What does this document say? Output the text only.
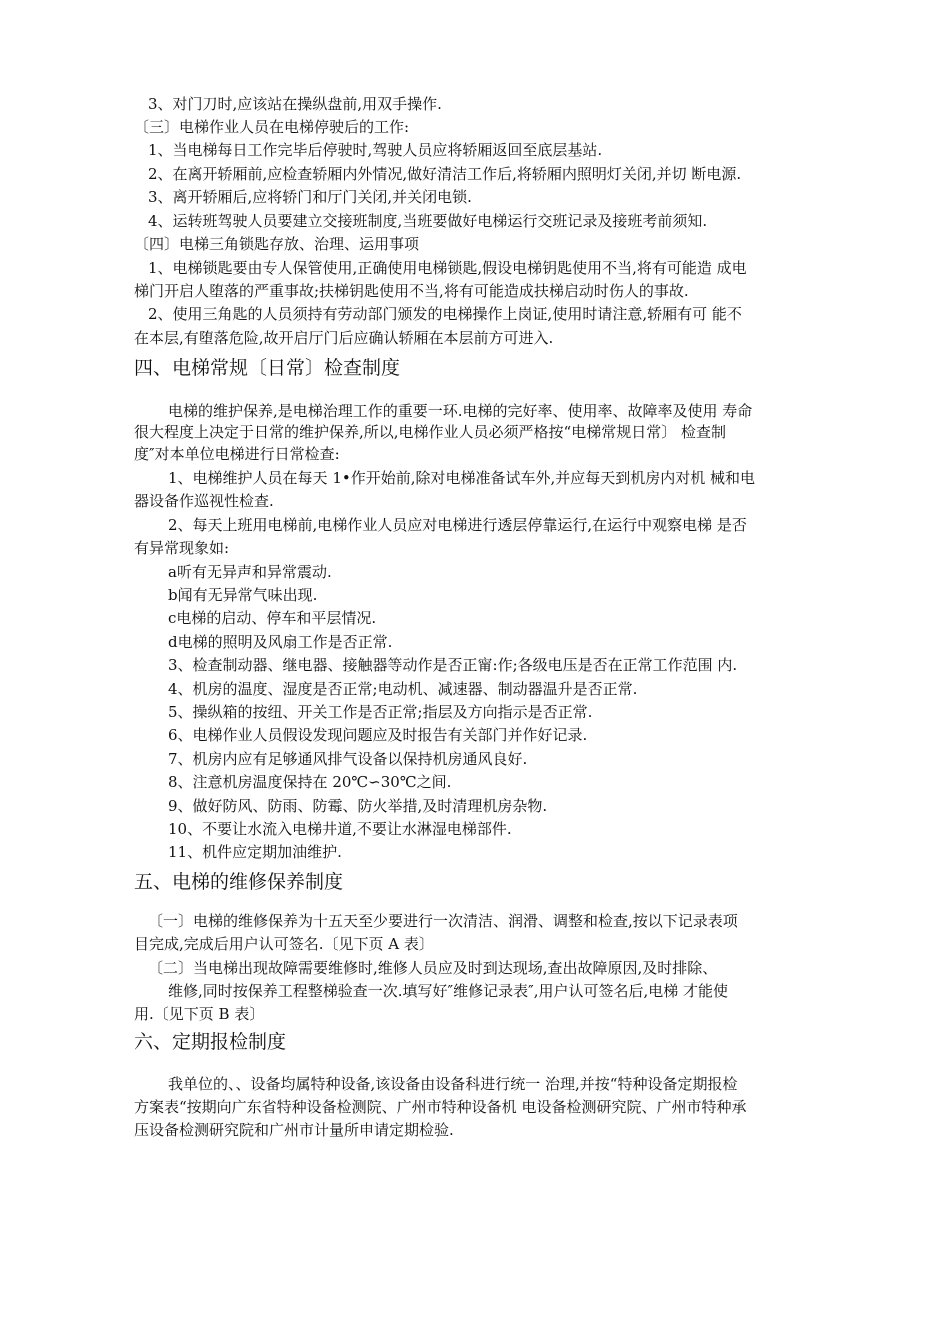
3、对门刀时,应该站在操纵盘前,用双手操作.
〔三〕电梯作业人员在电梯停驶后的工作:
1、当电梯每日工作完毕后停驶时,驾驶人员应将轿厢返回至底层基站.
2、在离开轿厢前,应检查轿厢内外情况,做好清洁工作后,将轿厢内照明灯关闭,并切 断电源.
3、离开轿厢后,应将轿门和厅门关闭,并关闭电锁.
4、运转班驾驶人员要建立交接班制度,当班要做好电梯运行交班记录及接班考前须知.
〔四〕电梯三角锁匙存放、治理、运用事项
1、电梯锁匙要由专人保管使用,正确使用电梯锁匙,假设电梯钥匙使用不当,将有可能造 成电
梯门开启人堕落的严重事故;扶梯钥匙使用不当,将有可能造成扶梯启动时伤人的事故.
2、使用三角匙的人员须持有劳动部门颁发的电梯操作上岗证,使用时请注意,轿厢有可 能不
在本层,有堕落危险,故开启厅门后应确认轿厢在本层前方可进入.
四、电梯常规〔日常〕检查制度
电梯的维护保养,是电梯治理工作的重要一环.电梯的完好率、使用率、故障率及使用 寿命
很大程度上决定于日常的维护保养,所以,电梯作业人员必须严格按“电梯常规日常〕 检查制
度″对本单位电梯进行日常检查:
1、电梯维护人员在每天 1•作开始前,除对电梯准备试车外,并应每天到机房内对机 械和电
器设备作巡视性检查.
2、每天上班用电梯前,电梯作业人员应对电梯进行透层停靠运行,在运行中观察电梯 是否
有异常现象如:
a听有无异声和异常震动.
b闻有无异常气味出现.
c电梯的启动、停车和平层情况.
d电梯的照明及风扇工作是否正常.
3、检查制动器、继电器、接触器等动作是否正甯:作;各级电压是否在正常工作范围 内.
4、机房的温度、湿度是否正常;电动机、减速器、制动器温升是否正常.
5、操纵箱的按纽、开关工作是否正常;指层及方向指示是否正常.
6、电梯作业人员假设发现问题应及时报告有关部门并作好记录.
7、机房内应有足够通风排气设备以保持机房通风良好.
8、注意机房温度保持在 20℃∽30℃之间.
9、做好防风、防雨、防霉、防火举措,及时清理机房杂物.
10、不要让水流入电梯井道,不要让水淋湿电梯部件.
11、机件应定期加油维护.
五、电梯的维修保养制度
〔一〕电梯的维修保养为十五天至少要进行一次清洁、润滑、调整和检查,按以下记录表项
目完成,完成后用户认可签名.〔见下页 A 表〕
〔二〕当电梯出现故障需要维修时,维修人员应及时到达现场,查出故障原因,及时排除、
维修,同时按保养工程整梯验查一次.填写好″维修记录表″,用户认可签名后,电梯 才能使
用.〔见下页 B 表〕
六、定期报检制度
我单位的、、设备均属特种设备,该设备由设备科进行统一 治理,并按“特种设备定期报检
方案表“按期向广东省特种设备检测院、广州市特种设备机 电设备检测研究院、广州市特种承
压设备检测研究院和广州市计量所申请定期检验.
